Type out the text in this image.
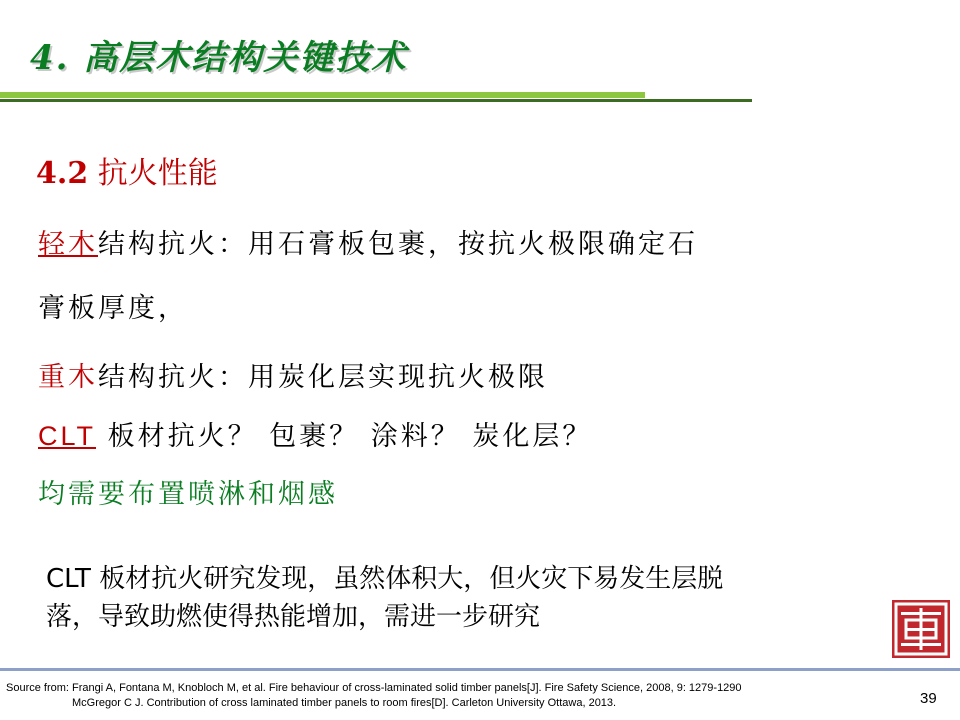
4. 高层木结构关键技术
4.2 抗火性能
轻木结构抗火：用石膏板包裹，按抗火极限确定石
膏板厚度，
重木结构抗火：用炭化层实现抗火极限
CLT 板材抗火？ 包裹？ 涂料？ 炭化层？
均需要布置喷淋和烟感
CLT 板材抗火研究发现，虽然体积大，但火灾下易发生层脱
落，导致助燃使得热能增加，需进一步研究
Source from: Frangi A, Fontana M, Knobloch M, et al. Fire behaviour of cross-laminated solid timber panels[J]. Fire Safety Science, 2008, 9: 1279-1290
McGregor C J. Contribution of cross laminated timber panels to room fires[D]. Carleton University Ottawa, 2013.	39
